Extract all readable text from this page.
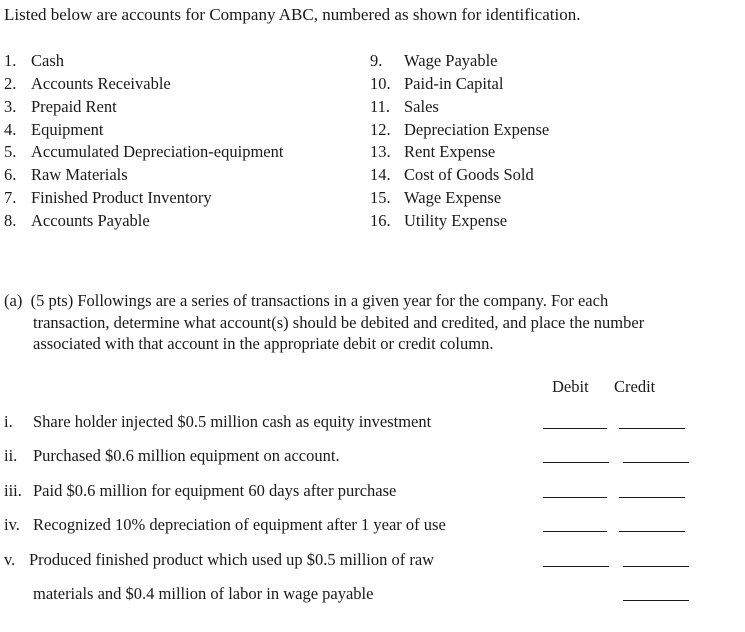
Listed below are accounts for Company ABC, numbered as shown for identification.
1. Cash
2. Accounts Receivable
3. Prepaid Rent
4. Equipment
5. Accumulated Depreciation-equipment
6. Raw Materials
7. Finished Product Inventory
8. Accounts Payable
9. Wage Payable
10. Paid-in Capital
11. Sales
12. Depreciation Expense
13. Rent Expense
14. Cost of Goods Sold
15. Wage Expense
16. Utility Expense
(a) (5 pts) Followings are a series of transactions in a given year for the company. For each
transaction, determine what account(s) should be debited and credited, and place the number
associated with that account in the appropriate debit or credit column.
Debit Credit
i. Share holder injected $0.5 million cash as equity investment
ii. Purchased $0.6 million equipment on account.
iii. Paid $0.6 million for equipment 60 days after purchase
iv. Recognized 10% depreciation of equipment after 1 year of use
v. Produced finished product which used up $0.5 million of raw
materials and $0.4 million of labor in wage payable
